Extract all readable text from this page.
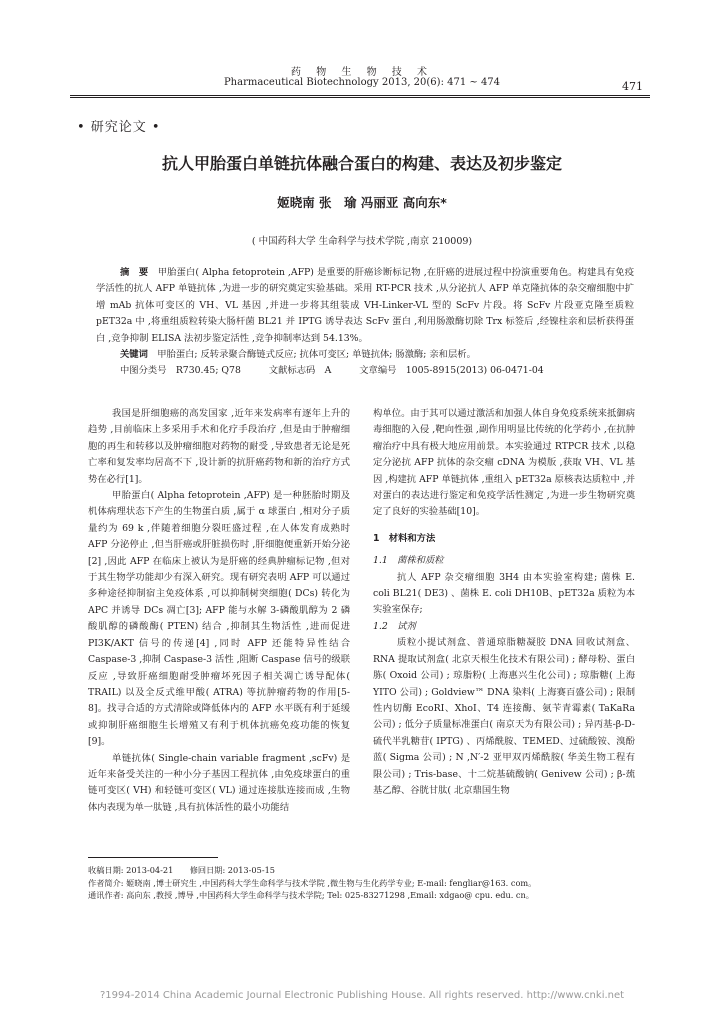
药 物 生 物 技 术
Pharmaceutical Biotechnology 2013, 20(6): 471 ~ 474	471
• 研究论文 •
抗人甲胎蛋白单链抗体融合蛋白的构建、表达及初步鉴定
姬晓南 张　瑜 冯丽亚 高向东*
( 中国药科大学 生命科学与技术学院 ,南京 210009)

摘　要　 甲胎蛋白( Alpha fetoprotein ,AFP) 是重要的肝癌诊断标记物 ,在肝癌的进展过程中扮演重要角色。构建具有免疫学活性的抗人 AFP 单链抗体 ,为进一步的研究奠定实验基础。采用 RT-PCR 技术 ,从分泌抗人 AFP 单克隆抗体的杂交瘤细胞中扩增 mAb 抗体可变区的 VH、VL 基因 ,并进一步将其组装成 VH-Linker-VL 型的 ScFv 片段。将 ScFv 片段亚克隆至质粒 pET32a 中 ,将重组质粒转染大肠杆菌 BL21 并 IPTG 诱导表达 ScFv 蛋白 ,利用肠激酶切除 Trx 标签后 ,经镍柱亲和层析获得蛋白 ,竞争抑制 ELISA 法初步鉴定活性 ,竞争抑制率达到 54.13%。

关键词　 甲胎蛋白; 反转录聚合酶链式反应; 抗体可变区; 单链抗体; 肠激酶; 亲和层析。

中图分类号　 R730.45; Q78　　　	文献标志码　 A　　　	文章编号　 1005-8915(2013) 06-0471-04

我国是肝细胞癌的高发国家 ,近年来发病率有逐年上升的趋势 ,目前临床上多采用手术和化疗手段治疗 ,但是由于肿瘤细胞的再生和转移以及肿瘤细胞对药物的耐受 ,导致患者无论是死亡率和复发率均居高不下 ,设计新的抗肝癌药物和新的治疗方式势在必行[1]。

甲胎蛋白( Alpha fetoprotein ,AFP) 是一种胚胎时期及机体病理状态下产生的生物蛋白质 ,属于 α 球蛋白 ,相对分子质量约为 69 k ,伴随着细胞分裂旺盛过程 ,在人体发育成熟时 AFP 分泌停止 ,但当肝癌或肝脏损伤时 ,肝细胞便重新开始分泌[2] ,因此 AFP 在临床上被认为是肝癌的经典肿瘤标记物 ,但对于其生物学功能却少有深入研究。现有研究表明 AFP 可以通过多种途径抑制宿主免疫体系 ,可以抑制树突细胞( DCs) 转化为 APC 并诱导 DCs 凋亡[3]; AFP 能与水解 3-磷酸肌醇为 2 磷酸肌醇的磷酸酶( PTEN) 结合 ,抑制其生物活性 ,进而促进 PI3K/AKT 信号的传递[4] ,同时 AFP 还能特异性结合 Caspase-3 ,抑制 Caspase-3 活性 ,阻断 Caspase 信号的级联反应 ,导致肝癌细胞耐受肿瘤坏死因子相关凋亡诱导配体( TRAIL) 以及全反式维甲酸( ATRA) 等抗肿瘤药物的作用[5-8]。找寻合适的方式清除或降低体内的 AFP 水平既有利于延缓或抑制肝癌细胞生长增殖又有利于机体抗癌免疫功能的恢复[9]。

单链抗体( Single-chain variable fragment ,scFv) 是近年来备受关注的一种小分子基因工程抗体 ,由免疫球蛋白的重链可变区( VH) 和轻链可变区( VL) 通过连接肽连接而成 ,生物体内表现为单一肽链 ,具有抗体活性的最小功能结

构单位。由于其可以通过激活和加强人体自身免疫系统来抵御病毒细胞的入侵 ,靶向性强 ,副作用明显比传统的化学药小 ,在抗肿瘤治疗中具有极大地应用前景。本实验通过 RTPCR 技术 ,以稳定分泌抗 AFP 抗体的杂交瘤 cDNA 为模版 ,获取 VH、VL 基因 ,构建抗 AFP 单链抗体 ,重组入 pET32a 原核表达质粒中 ,并对蛋白的表达进行鉴定和免疫学活性测定 ,为进一步生物研究奠定了良好的实验基础[10]。

1　材料和方法

1.1　菌株和质粒

抗人 AFP 杂交瘤细胞 3H4 由本实验室构建; 菌株 E. coli BL21( DE3) 、菌株 E. coli DH10B、pET32a 质粒为本实验室保存;

1.2　试剂

质粒小提试剂盒、普通琼脂糖凝胶 DNA 回收试剂盒、RNA 提取试剂盒( 北京天根生化技术有限公司) ; 酵母粉、蛋白胨( Oxoid 公司) ; 琼脂粉( 上海惠兴生化公司) ; 琼脂糖( 上海 YITO 公司) ; Goldview™ DNA 染料( 上海赛百盛公司) ; 限制性内切酶 EcoRI、XhoI、T4 连接酶、氨苄青霉素( TaKaRa 公司) ; 低分子质量标准蛋白( 南京天为有限公司) ; 异丙基-β-D-硫代半乳糖苷( IPTG) 、丙烯酰胺、TEMED、过硫酸铵、溴酚蓝( Sigma 公司) ; N ,N′-2 亚甲双丙烯酰胺( 华美生物工程有限公司) ; Tris-base、十二烷基硫酸钠( Genivew 公司) ; β-巯基乙醇、谷胱甘肽( 北京鼎国生物

收稿日期: 2013-04-21　　修回日期: 2013-05-15

作者简介: 姬晓南 ,博士研究生 ,中国药科大学生命科学与技术学院 ,微生物与生化药学专业; E-mail: fengliar@163. com。

通讯作者: 高向东 ,教授 ,博导 ,中国药科大学生命科学与技术学院; Tel: 025-83271298 ,Email: xdgao@ cpu. edu. cn。

?1994-2014 China Academic Journal Electronic Publishing House. All rights reserved. http://www.cnki.net
